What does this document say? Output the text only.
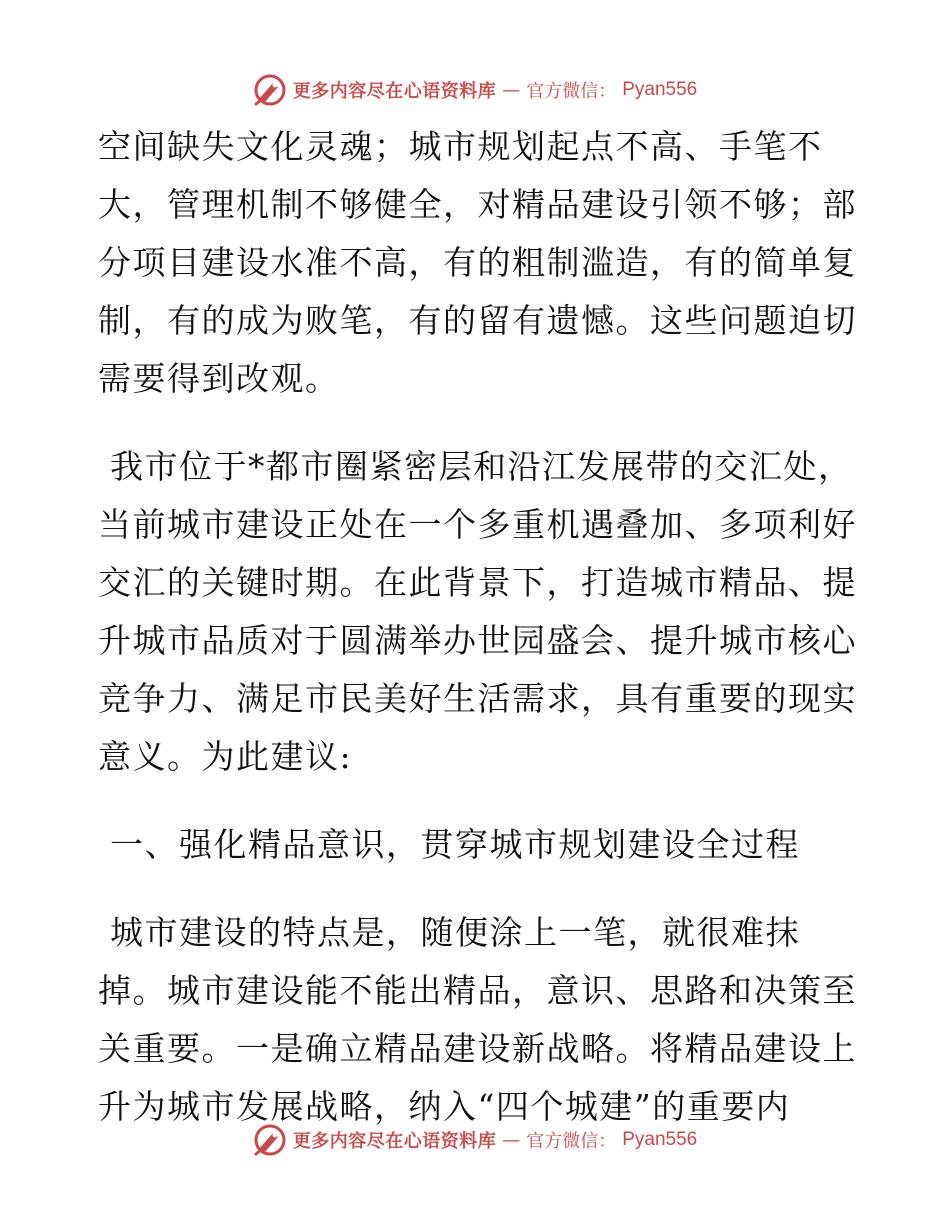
更多内容尽在心语资料库 — 官方微信： Pyan556
空间缺失文化灵魂；城市规划起点不高、手笔不
大，管理机制不够健全，对精品建设引领不够；部
分项目建设水准不高，有的粗制滥造，有的简单复
制，有的成为败笔，有的留有遗憾。这些问题迫切
需要得到改观。
我市位于*都市圈紧密层和沿江发展带的交汇处，
当前城市建设正处在一个多重机遇叠加、多项利好
交汇的关键时期。在此背景下，打造城市精品、提
升城市品质对于圆满举办世园盛会、提升城市核心
竞争力、满足市民美好生活需求，具有重要的现实
意义。为此建议:
一、强化精品意识，贯穿城市规划建设全过程
城市建设的特点是，随便涂上一笔，就很难抹
掉。城市建设能不能出精品，意识、思路和决策至
关重要。一是确立精品建设新战略。将精品建设上
升为城市发展战略，纳入“四个城建”的重要内
更多内容尽在心语资料库 — 官方微信： Pyan556
